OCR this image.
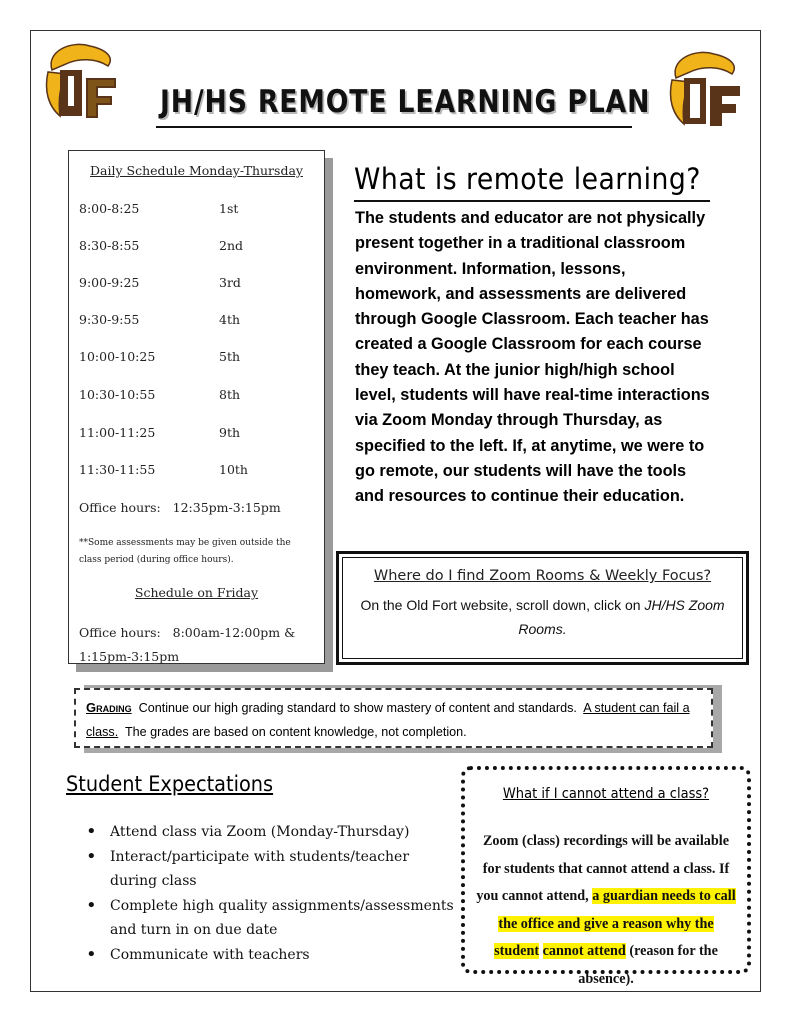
JH/HS REMOTE LEARNING PLAN
Daily Schedule Monday-Thursday
8:00-8:25	1st
8:30-8:55	2nd
9:00-9:25	3rd
9:30-9:55	4th
10:00-10:25	5th
10:30-10:55	8th
11:00-11:25	9th
11:30-11:55	10th
Office hours:   12:35pm-3:15pm
**Some assessments may be given outside the class period (during office hours).
Schedule on Friday
Office hours:   8:00am-12:00pm & 1:15pm-3:15pm
What is remote learning?
The students and educator are not physically present together in a traditional classroom environment. Information, lessons, homework, and assessments are delivered through Google Classroom. Each teacher has created a Google Classroom for each course they teach. At the junior high/high school level, students will have real-time interactions via Zoom Monday through Thursday, as specified to the left. If, at anytime, we were to go remote, our students will have the tools and resources to continue their education.
Where do I find Zoom Rooms & Weekly Focus?
On the Old Fort website, scroll down, click on JH/HS Zoom Rooms.
Grading  Continue our high grading standard to show mastery of content and standards.  A student can fail a class.  The grades are based on content knowledge, not completion.
Student Expectations
• Attend class via Zoom (Monday-Thursday)
• Interact/participate with students/teacher during class
• Complete high quality assignments/assessments and turn in on due date
• Communicate with teachers
What if I cannot attend a class?
Zoom (class) recordings will be available for students that cannot attend a class. If you cannot attend, a guardian needs to call the office and give a reason why the student cannot attend (reason for the absence).
